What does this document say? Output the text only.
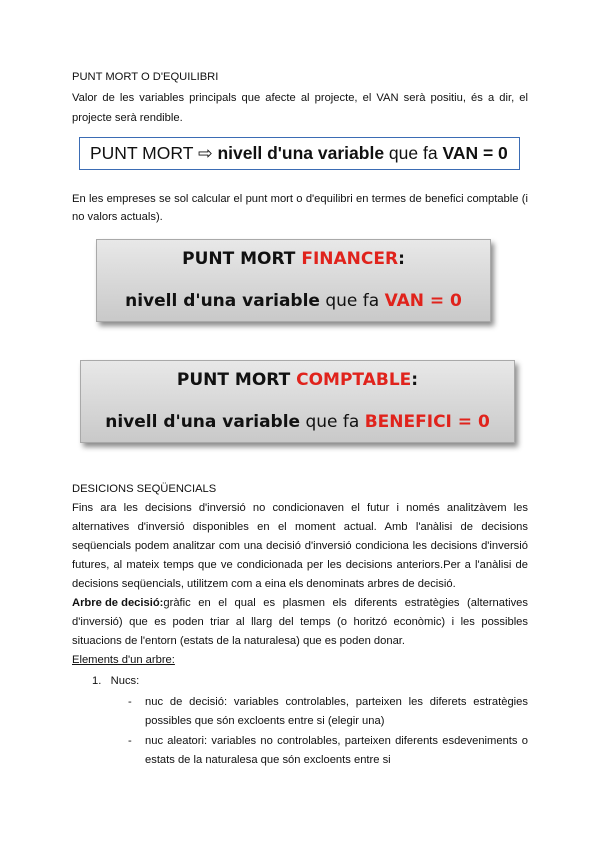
PUNT MORT O D'EQUILIBRI
Valor de les variables principals que afecte al projecte, el VAN serà positiu, és a dir, el
projecte serà rendible.
PUNT MORT ⇨ nivell d'una variable que fa VAN = 0
En les empreses se sol calcular el punt mort o d'equilibri en termes de benefici comptable (i
no valors actuals).
PUNT MORT FINANCER:
nivell d'una variable que fa VAN = 0
PUNT MORT COMPTABLE:
nivell d'una variable que fa BENEFICI = 0
DESICIONS SEQÜENCIALS
Fins ara les decisions d'inversió no condicionaven el futur i només analitzàvem les
alternatives d'inversió disponibles en el moment actual. Amb l'anàlisi de decisions
seqüencials podem analitzar com una decisió d'inversió condiciona les decisions d'inversió
futures, al mateix temps que ve condicionada per les decisions anteriors.Per a l'anàlisi de
decisions seqüencials, utilitzem com a eina els denominats arbres de decisió.
Arbre de decisió: gràfic en el qual es plasmen els diferents estratègies (alternatives
d'inversió) que es poden triar al llarg del temps (o horitzó econòmic) i les possibles
situacions de l'entorn (estats de la naturalesa) que es poden donar.
Elements d'un arbre:
1.   Nucs:
- nuc de decisió: variables controlables, parteixen les diferets estratègies
possibles que són excloents entre si (elegir una)
- nuc aleatori: variables no controlables, parteixen diferents esdeveniments o
estats de la naturalesa que són excloents entre si
